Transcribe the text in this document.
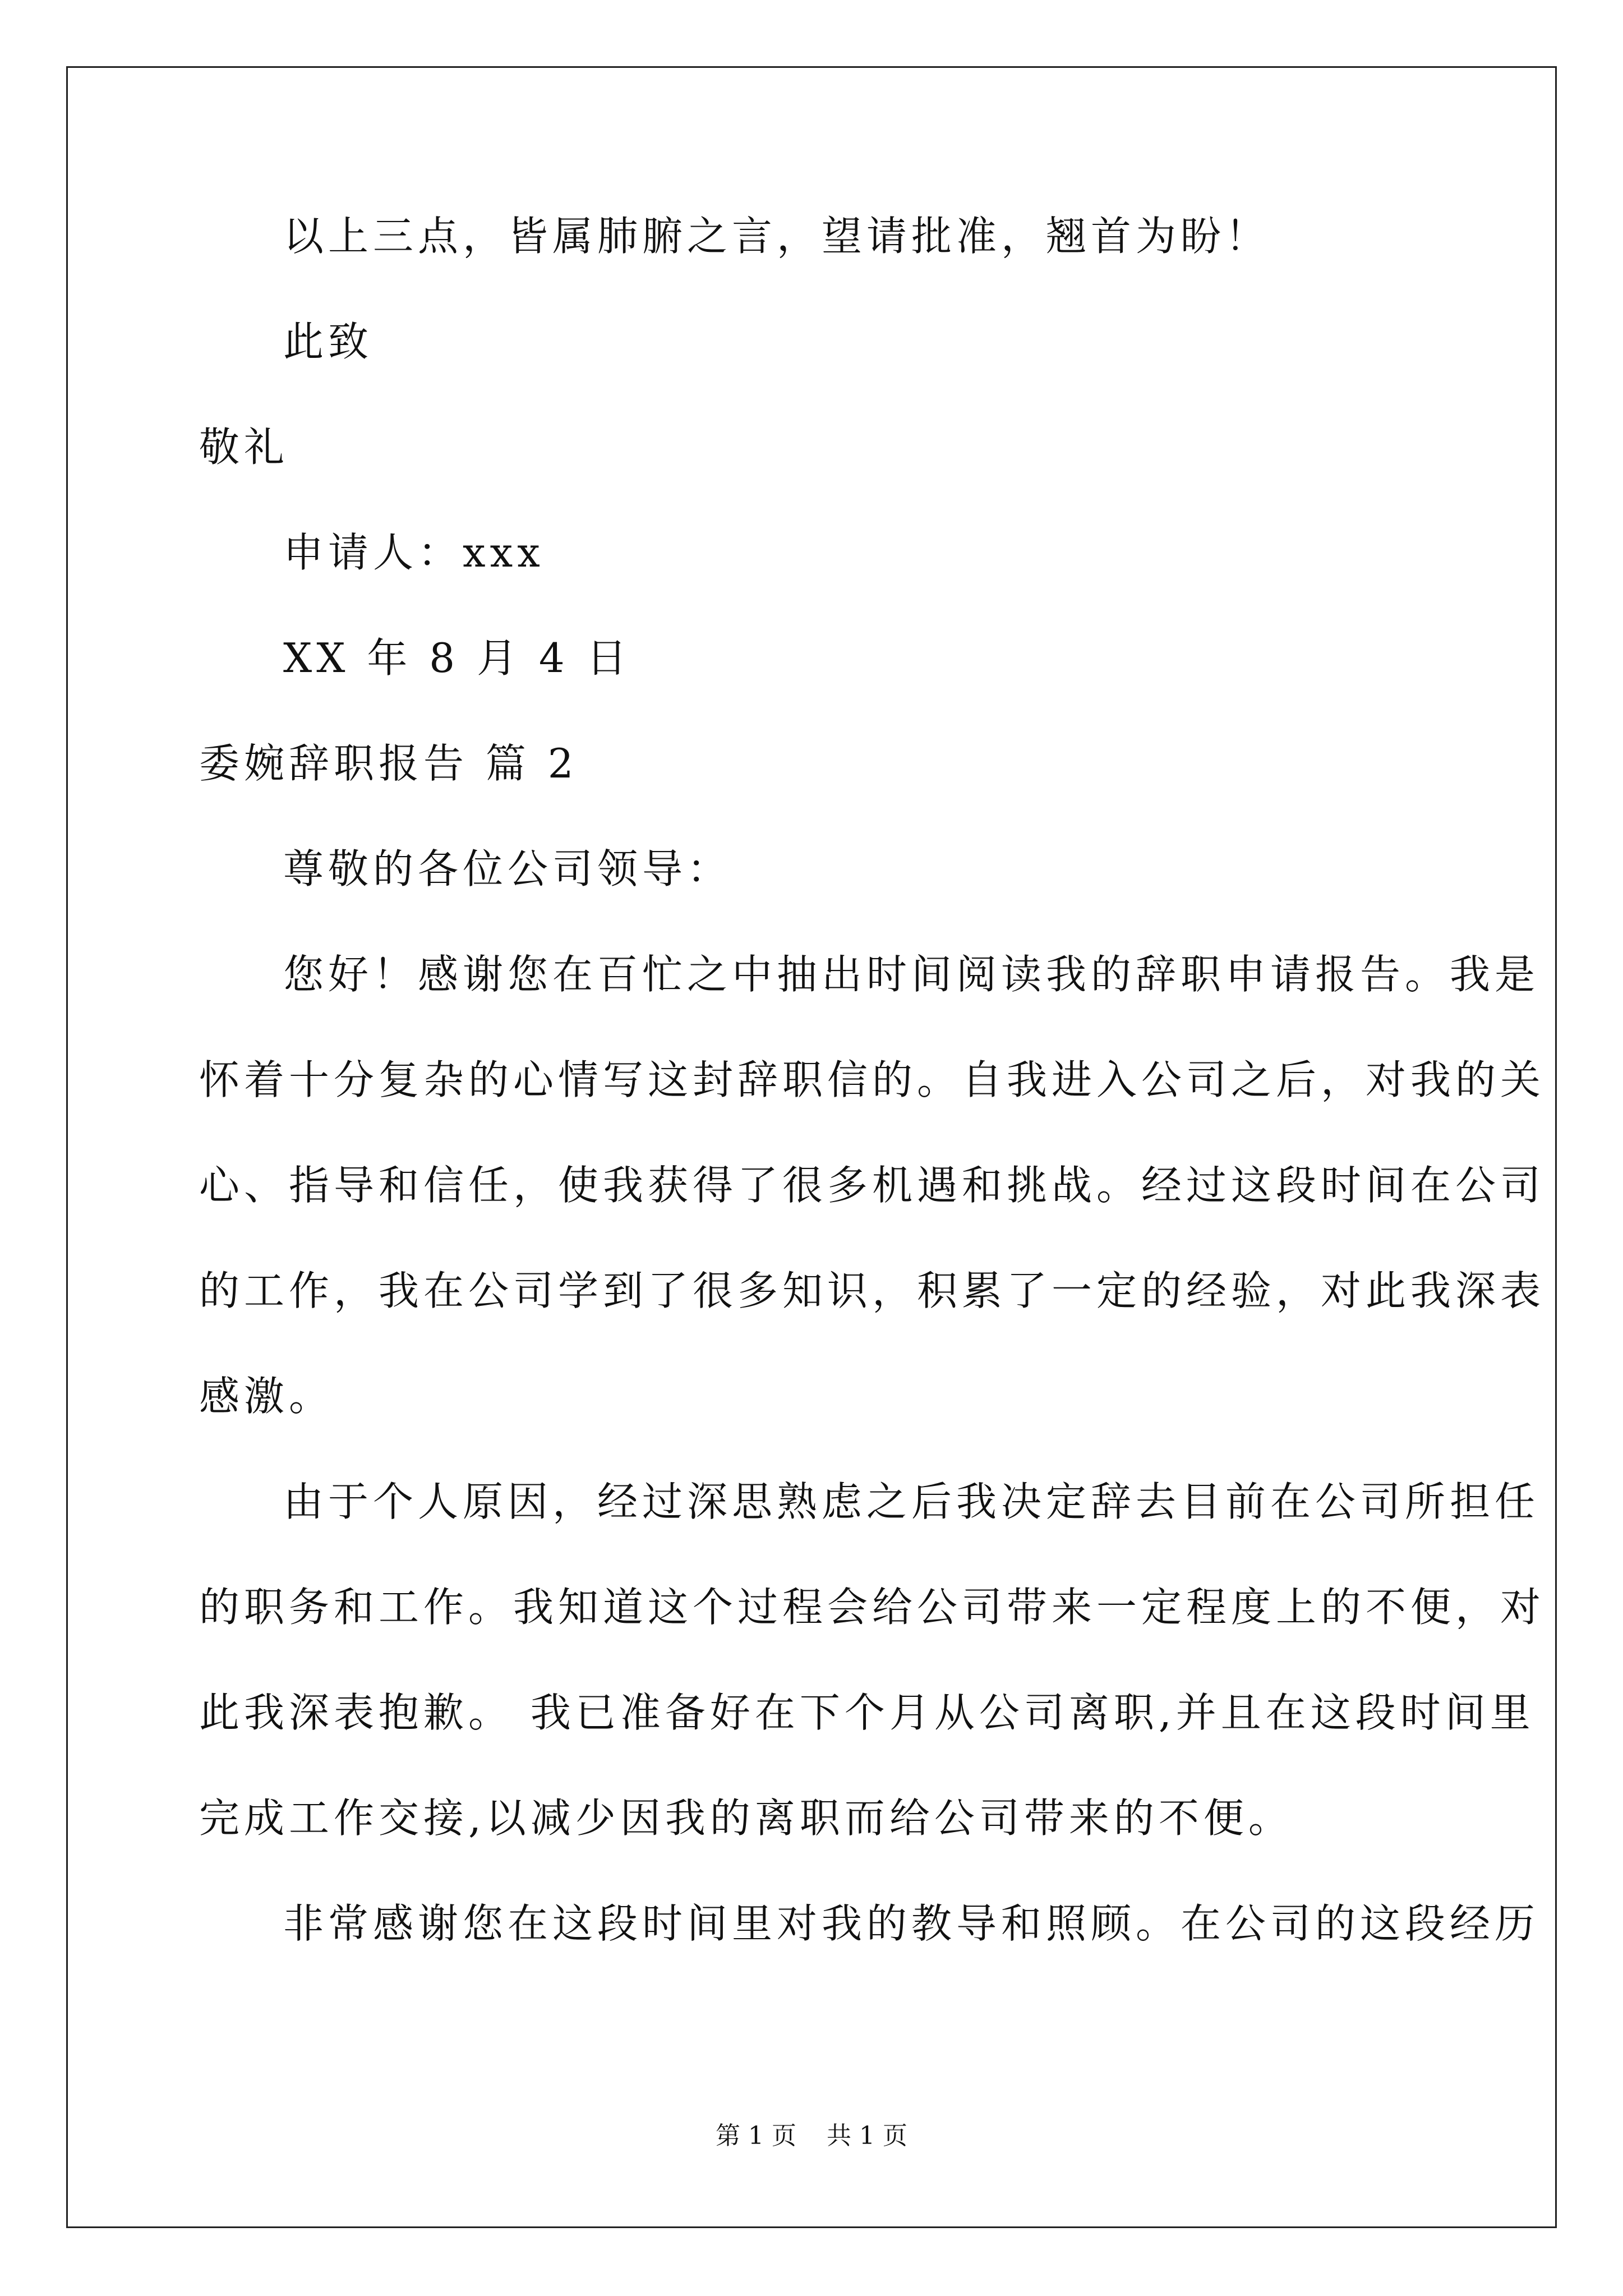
以上三点，皆属肺腑之言，望请批准，翘首为盼！
此致
敬礼
申请人：xxx
XX 年 8 月 4 日
委婉辞职报告 篇 2
尊敬的各位公司领导：
您好！感谢您在百忙之中抽出时间阅读我的辞职申请报告。我是
怀着十分复杂的心情写这封辞职信的。自我进入公司之后，对我的关
心、指导和信任，使我获得了很多机遇和挑战。经过这段时间在公司
的工作，我在公司学到了很多知识，积累了一定的经验，对此我深表
感激。
由于个人原因，经过深思熟虑之后我决定辞去目前在公司所担任
的职务和工作。我知道这个过程会给公司带来一定程度上的不便，对
此我深表抱歉。 我已准备好在下个月从公司离职,并且在这段时间里
完成工作交接,以减少因我的离职而给公司带来的不便。
非常感谢您在这段时间里对我的教导和照顾。在公司的这段经历
第 1 页 共 1 页
